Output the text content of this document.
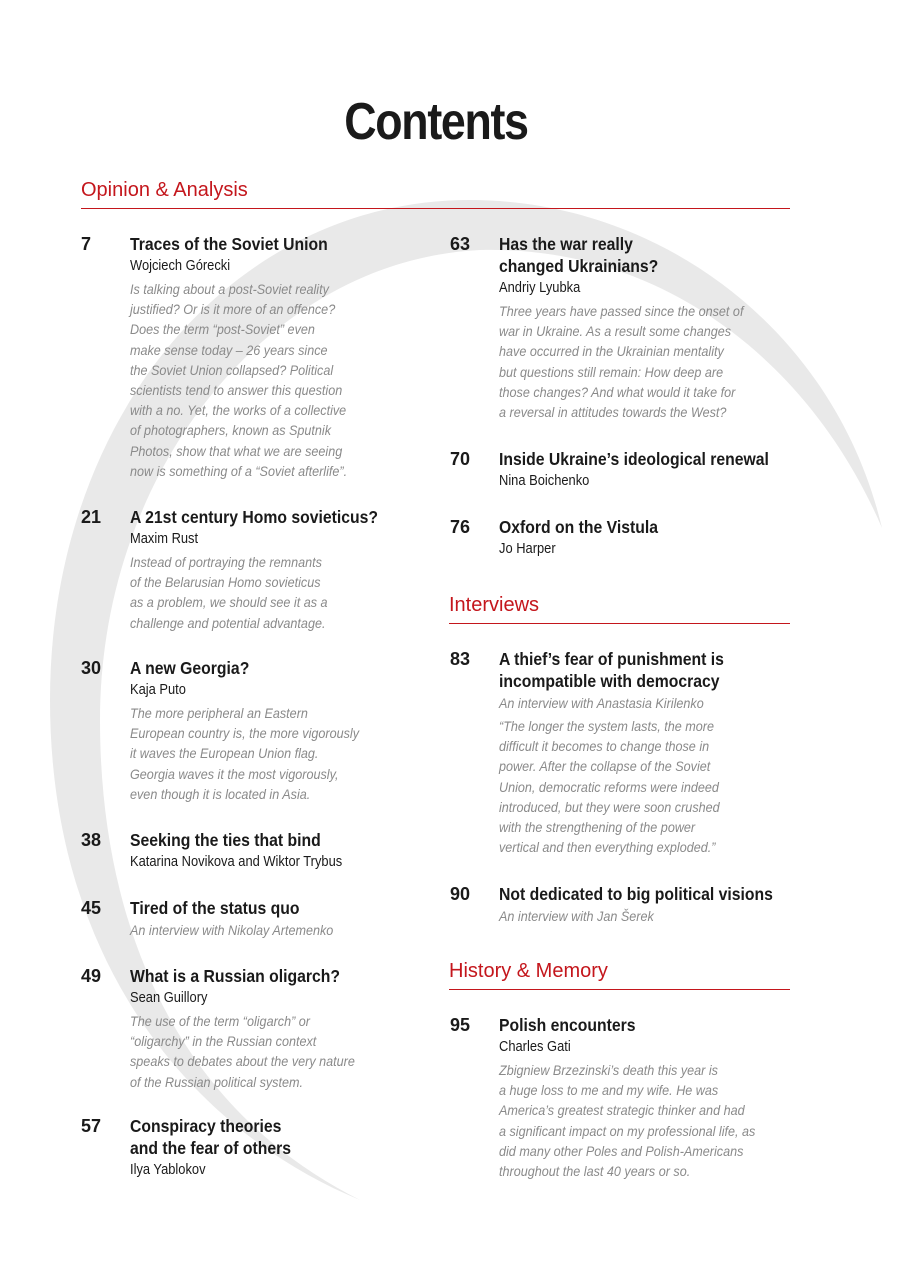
Contents
Opinion & Analysis
Interviews
History & Memory
7 Traces of the Soviet Union
Wojciech Górecki
Is talking about a post-Soviet reality
justified? Or is it more of an offence?
Does the term “post-Soviet” even
make sense today – 26 years since
the Soviet Union collapsed? Political
scientists tend to answer this question
with a no. Yet, the works of a collective
of photographers, known as Sputnik
Photos, show that what we are seeing
now is something of a “Soviet afterlife”.
21 A 21st century Homo sovieticus?
Maxim Rust
Instead of portraying the remnants
of the Belarusian Homo sovieticus
as a problem, we should see it as a
challenge and potential advantage.
30 A new Georgia?
Kaja Puto
The more peripheral an Eastern
European country is, the more vigorously
it waves the European Union flag.
Georgia waves it the most vigorously,
even though it is located in Asia.
38 Seeking the ties that bind
Katarina Novikova and Wiktor Trybus
45 Tired of the status quo
An interview with Nikolay Artemenko
49 What is a Russian oligarch?
Sean Guillory
The use of the term “oligarch” or
“oligarchy” in the Russian context
speaks to debates about the very nature
of the Russian political system.
57 Conspiracy theories
and the fear of others
Ilya Yablokov
63 Has the war really
changed Ukrainians?
Andriy Lyubka
Three years have passed since the onset of
war in Ukraine. As a result some changes
have occurred in the Ukrainian mentality
but questions still remain: How deep are
those changes? And what would it take for
a reversal in attitudes towards the West?
70 Inside Ukraine’s ideological renewal
Nina Boichenko
76 Oxford on the Vistula
Jo Harper
83 A thief’s fear of punishment is
incompatible with democracy
An interview with Anastasia Kirilenko
“The longer the system lasts, the more
difficult it becomes to change those in
power. After the collapse of the Soviet
Union, democratic reforms were indeed
introduced, but they were soon crushed
with the strengthening of the power
vertical and then everything exploded.”
90 Not dedicated to big political visions
An interview with Jan Šerek
95 Polish encounters
Charles Gati
Zbigniew Brzezinski’s death this year is
a huge loss to me and my wife. He was
America’s greatest strategic thinker and had
a significant impact on my professional life, as
did many other Poles and Polish-Americans
throughout the last 40 years or so.
